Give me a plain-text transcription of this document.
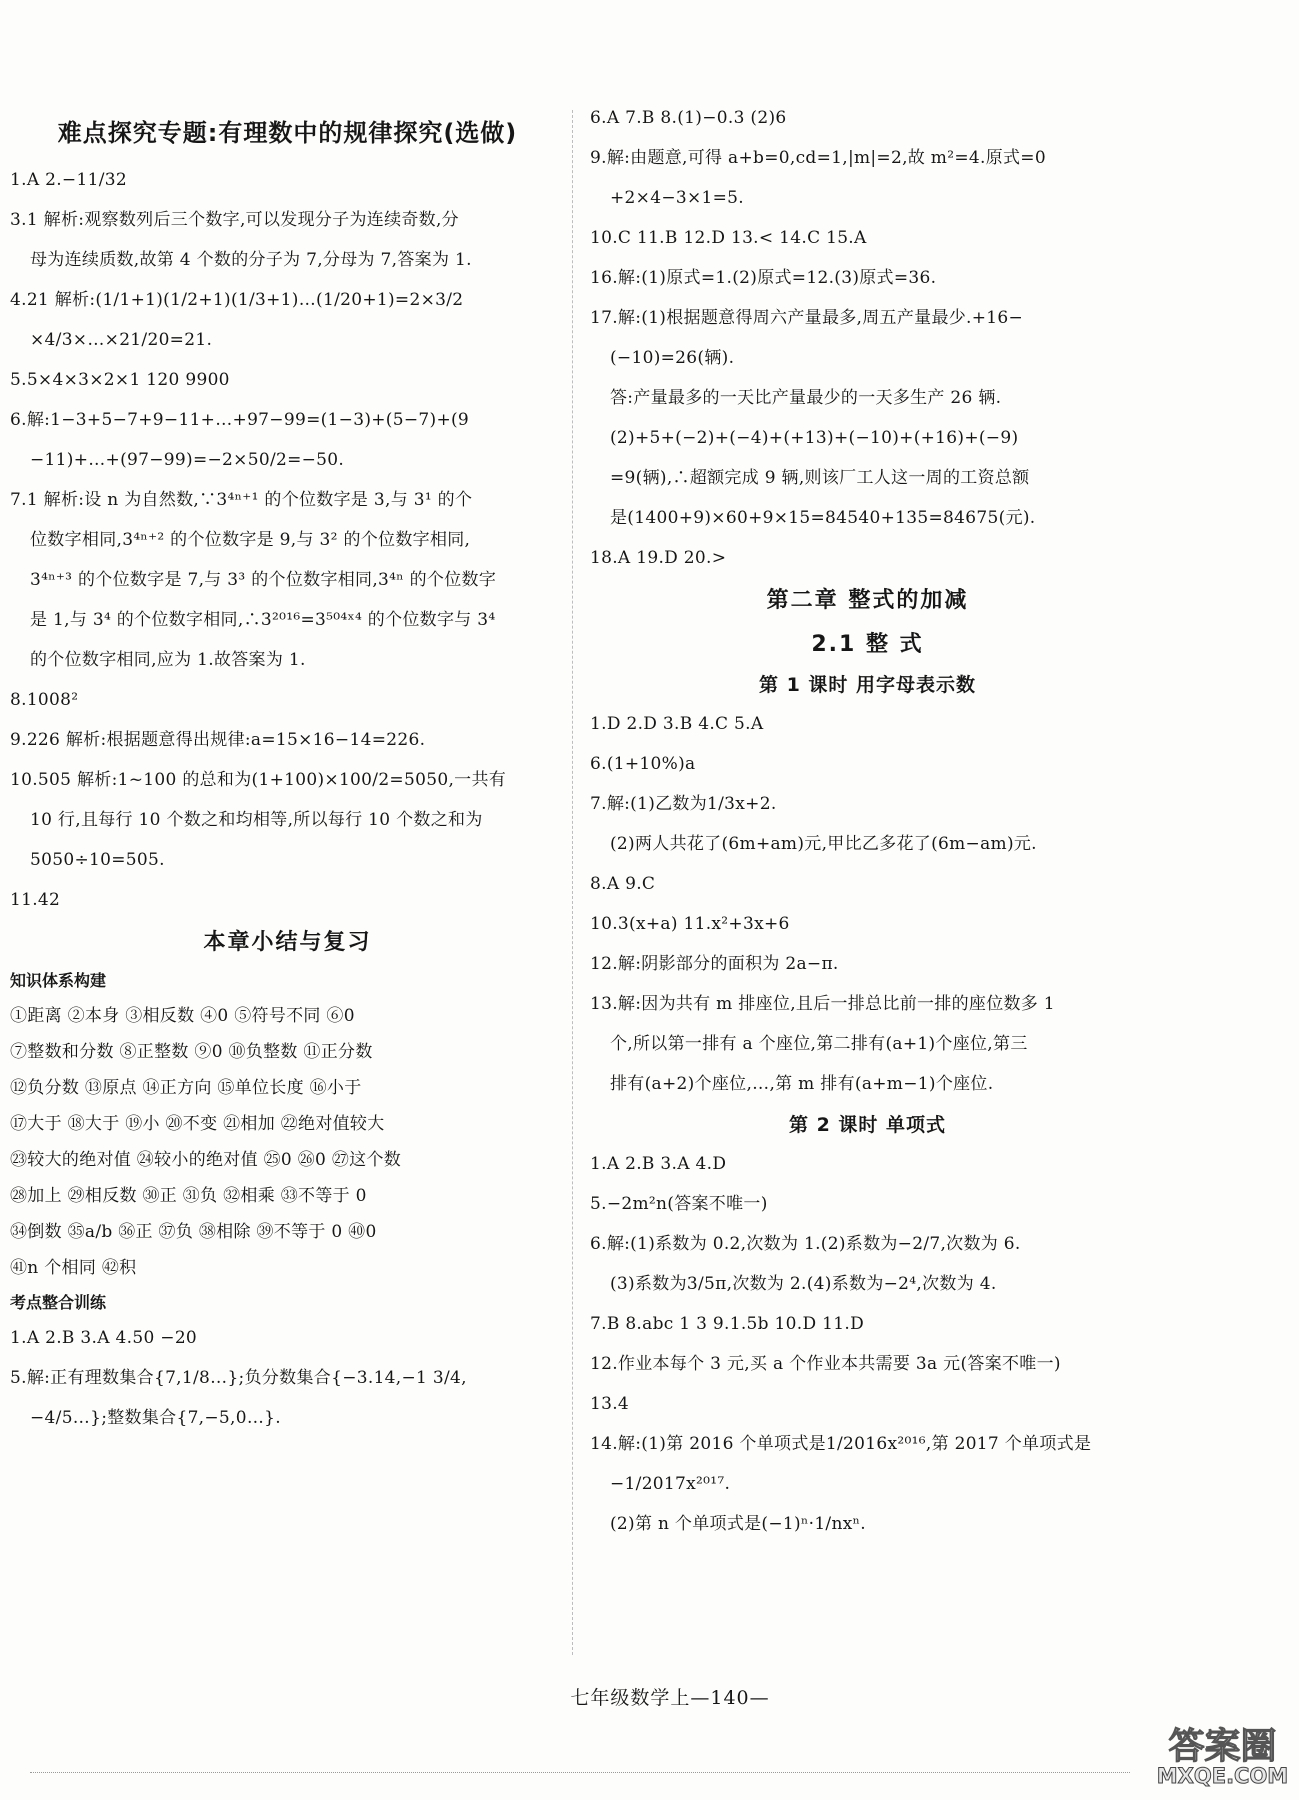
难点探究专题:有理数中的规律探究(选做)
1.A 2.−11/32
3.1 解析:观察数列后三个数字,可以发现分子为连续奇数,分
母为连续质数,故第 4 个数的分子为 7,分母为 7,答案为 1.
4.21 解析:(1/1+1)(1/2+1)(1/3+1)…(1/20+1)=2×3/2
×4/3×…×21/20=21.
5.5×4×3×2×1 120 9900
6.解:1−3+5−7+9−11+…+97−99=(1−3)+(5−7)+(9
−11)+…+(97−99)=−2×50/2=−50.
7.1 解析:设 n 为自然数,∵3⁴ⁿ⁺¹ 的个位数字是 3,与 3¹ 的个
位数字相同,3⁴ⁿ⁺² 的个位数字是 9,与 3² 的个位数字相同,
3⁴ⁿ⁺³ 的个位数字是 7,与 3³ 的个位数字相同,3⁴ⁿ 的个位数字
是 1,与 3⁴ 的个位数字相同,∴3²⁰¹⁶=3⁵⁰⁴ˣ⁴ 的个位数字与 3⁴
的个位数字相同,应为 1.故答案为 1.
8.1008²
9.226 解析:根据题意得出规律:a=15×16−14=226.
10.505 解析:1~100 的总和为(1+100)×100/2=5050,一共有
10 行,且每行 10 个数之和均相等,所以每行 10 个数之和为
5050÷10=505.
11.42
本章小结与复习
知识体系构建
①距离 ②本身 ③相反数 ④0 ⑤符号不同 ⑥0
⑦整数和分数 ⑧正整数 ⑨0 ⑩负整数 ⑪正分数
⑫负分数 ⑬原点 ⑭正方向 ⑮单位长度 ⑯小于
⑰大于 ⑱大于 ⑲小 ⑳不变 ㉑相加 ㉒绝对值较大
㉓较大的绝对值 ㉔较小的绝对值 ㉕0 ㉖0 ㉗这个数
㉘加上 ㉙相反数 ㉚正 ㉛负 ㉜相乘 ㉝不等于 0
㉞倒数 ㉟a/b ㊱正 ㊲负 ㊳相除 ㊴不等于 0 ㊵0
㊶n 个相同 ㊷积
考点整合训练
1.A 2.B 3.A 4.50 −20
5.解:正有理数集合{7,1/8…};负分数集合{−3.14,−1 3/4,
−4/5…};整数集合{7,−5,0…}.
6.A 7.B 8.(1)−0.3 (2)6
9.解:由题意,可得 a+b=0,cd=1,|m|=2,故 m²=4.原式=0
+2×4−3×1=5.
10.C 11.B 12.D 13.< 14.C 15.A
16.解:(1)原式=1.(2)原式=12.(3)原式=36.
17.解:(1)根据题意得周六产量最多,周五产量最少.+16−
(−10)=26(辆).
答:产量最多的一天比产量最少的一天多生产 26 辆.
(2)+5+(−2)+(−4)+(+13)+(−10)+(+16)+(−9)
=9(辆),∴超额完成 9 辆,则该厂工人这一周的工资总额
是(1400+9)×60+9×15=84540+135=84675(元).
18.A 19.D 20.>
第二章 整式的加减
2.1 整 式
第 1 课时 用字母表示数
1.D 2.D 3.B 4.C 5.A
6.(1+10%)a
7.解:(1)乙数为1/3x+2.
(2)两人共花了(6m+am)元,甲比乙多花了(6m−am)元.
8.A 9.C
10.3(x+a) 11.x²+3x+6
12.解:阴影部分的面积为 2a−π.
13.解:因为共有 m 排座位,且后一排总比前一排的座位数多 1
个,所以第一排有 a 个座位,第二排有(a+1)个座位,第三
排有(a+2)个座位,…,第 m 排有(a+m−1)个座位.
第 2 课时 单项式
1.A 2.B 3.A 4.D
5.−2m²n(答案不唯一)
6.解:(1)系数为 0.2,次数为 1.(2)系数为−2/7,次数为 6.
(3)系数为3/5π,次数为 2.(4)系数为−2⁴,次数为 4.
7.B 8.abc 1 3 9.1.5b 10.D 11.D
12.作业本每个 3 元,买 a 个作业本共需要 3a 元(答案不唯一)
13.4
14.解:(1)第 2016 个单项式是1/2016x²⁰¹⁶,第 2017 个单项式是
−1/2017x²⁰¹⁷.
(2)第 n 个单项式是(−1)ⁿ·1/nxⁿ.
七年级数学上—140—
答案圈
MXQE.COM
